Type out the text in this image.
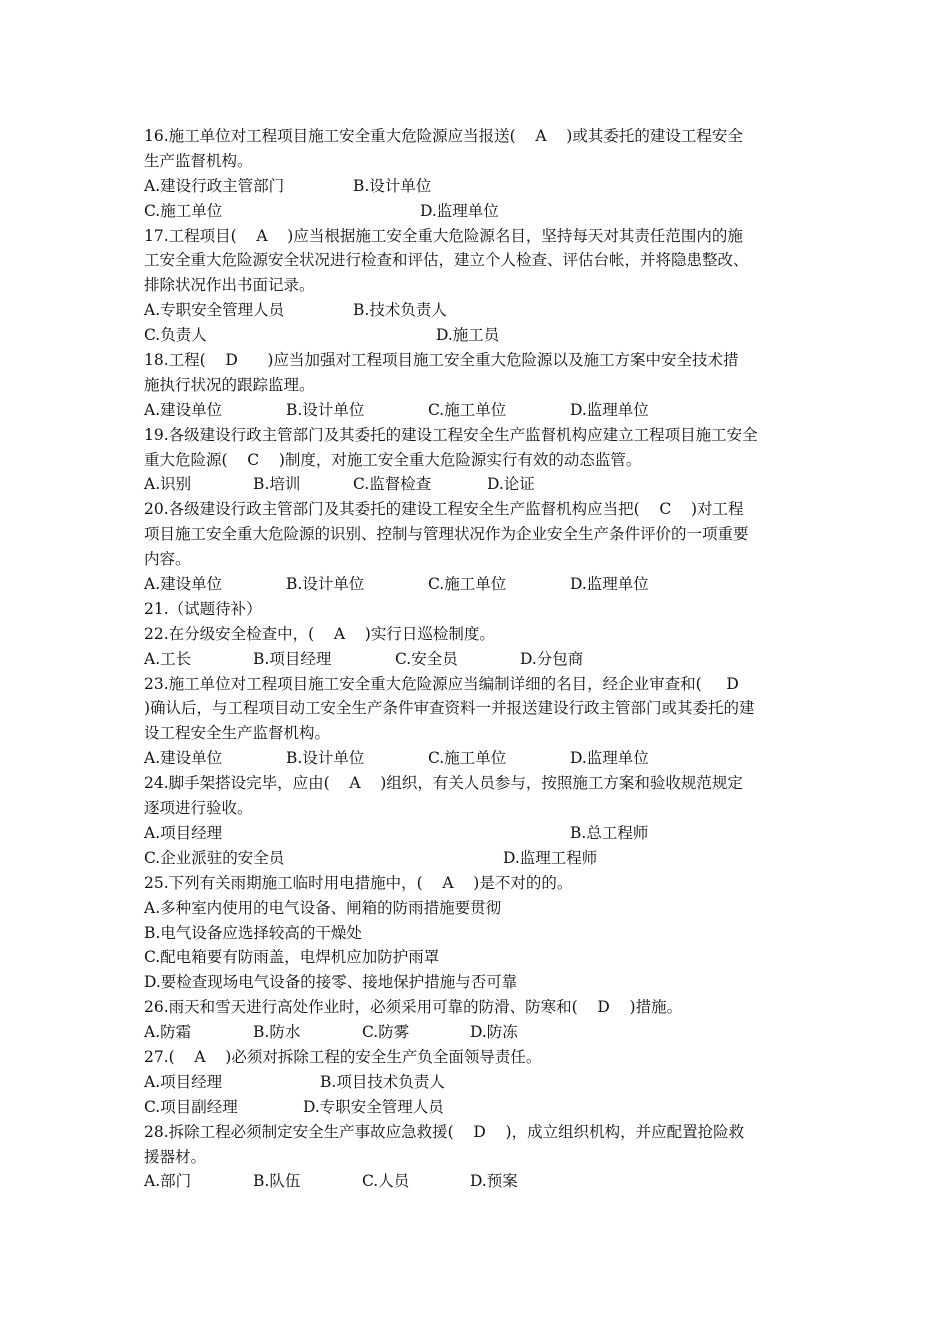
16.施工单位对工程项目施工安全重大危险源应当报送(    A    )或其委托的建设工程安全
生产监督机构。

A.建设行政主管部门

	B.设计单位

C.施工单位

	D.监理单位

17.工程项目(    A    )应当根据施工安全重大危险源名目，坚持每天对其责任范围内的施
工安全重大危险源安全状况进行检查和评估，建立个人检查、评估台帐，并将隐患整改、
排除状况作出书面记录。

A.专职安全管理人员

	B.技术负责人

C.负责人

	D.施工员

18.工程(    D      )应当加强对工程项目施工安全重大危险源以及施工方案中安全技术措
施执行状况的跟踪监理。

A.建设单位

	B.设计单位

	C.施工单位

	D.监理单位

19.各级建设行政主管部门及其委托的建设工程安全生产监督机构应建立工程项目施工安全
重大危险源(    C    )制度，对施工安全重大危险源实行有效的动态监管。

A.识别

	B.培训

	C.监督检查

	D.论证

20.各级建设行政主管部门及其委托的建设工程安全生产监督机构应当把(    C    )对工程
项目施工安全重大危险源的识别、控制与管理状况作为企业安全生产条件评价的一项重要
内容。

A.建设单位

	B.设计单位

	C.施工单位

	D.监理单位

21.（试题待补）
22.在分级安全检查中，(    A    )实行日巡检制度。

A.工长

	B.项目经理

	C.安全员

	D.分包商

23.施工单位对工程项目施工安全重大危险源应当编制详细的名目，经企业审查和(     D
)确认后，与工程项目动工安全生产条件审查资料一并报送建设行政主管部门或其委托的建
设工程安全生产监督机构。

A.建设单位

	B.设计单位

	C.施工单位

	D.监理单位

24.脚手架搭设完毕，应由(    A    )组织，有关人员参与，按照施工方案和验收规范规定
逐项进行验收。

A.项目经理

	B.总工程师

C.企业派驻的安全员

	D.监理工程师

25.下列有关雨期施工临时用电措施中，(    A    )是不对的的。
A.多种室内使用的电气设备、闸箱的防雨措施要贯彻
B.电气设备应选择较高的干燥处
C.配电箱要有防雨盖，电焊机应加防护雨罩
D.要检查现场电气设备的接零、接地保护措施与否可靠
26.雨天和雪天进行高处作业时，必须采用可靠的防滑、防寒和(    D    )措施。

A.防霜

	B.防水

	C.防雾

	D.防冻

27.(    A    )必须对拆除工程的安全生产负全面领导责任。

A.项目经理

	B.项目技术负责人

C.项目副经理

	D.专职安全管理人员

28.拆除工程必须制定安全生产事故应急救援(    D    )，成立组织机构，并应配置抢险救
援器材。

A.部门

	B.队伍

	C.人员

	D.预案
